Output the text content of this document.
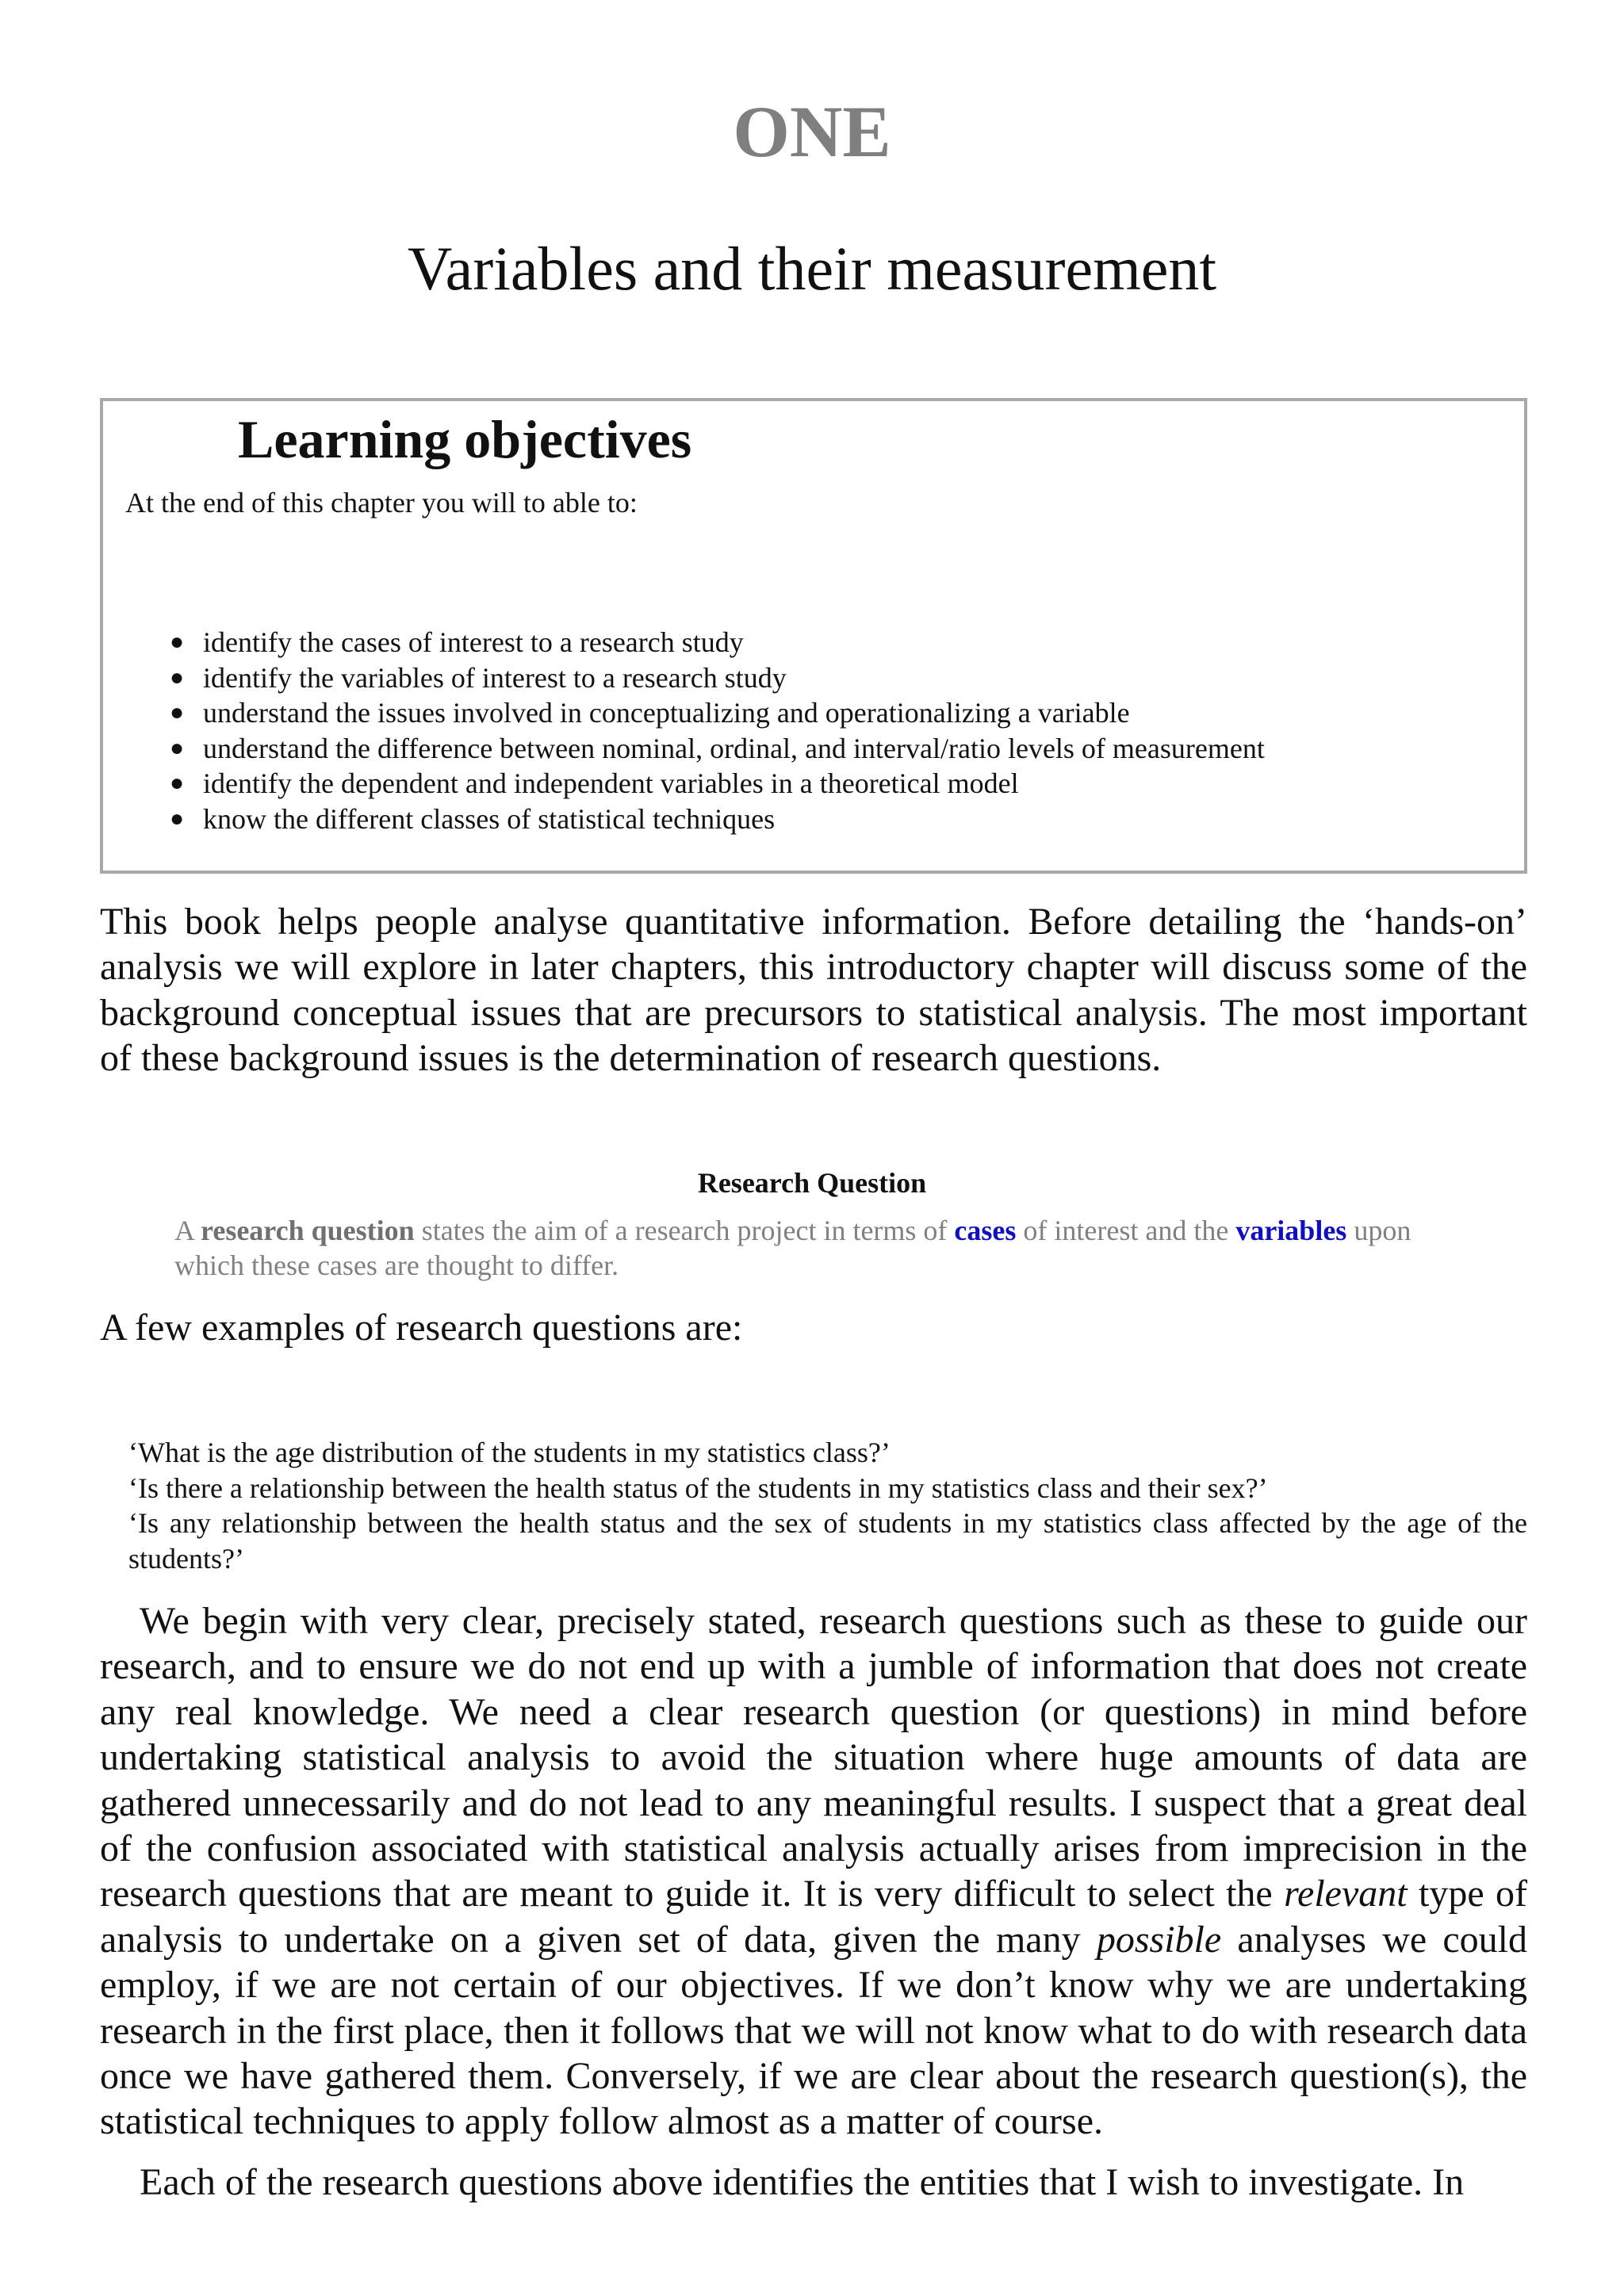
ONE
Variables and their measurement
Learning objectives
At the end of this chapter you will to able to:
● identify the cases of interest to a research study
● identify the variables of interest to a research study
● understand the issues involved in conceptualizing and operationalizing a variable
● understand the difference between nominal, ordinal, and interval/ratio levels of measurement
● identify the dependent and independent variables in a theoretical model
● know the different classes of statistical techniques

This book helps people analyse quantitative information. Before detailing the ‘hands-on’ analysis we will explore in later chapters, this introductory chapter will discuss some of the background conceptual issues that are precursors to statistical analysis. The most important of these background issues is the determination of research questions.

Research Question

A research question states the aim of a research project in terms of cases of interest and the variables upon which these cases are thought to differ.

A few examples of research questions are:
‘What is the age distribution of the students in my statistics class?’
‘Is there a relationship between the health status of the students in my statistics class and their sex?’
‘Is any relationship between the health status and the sex of students in my statistics class affected by the age of the students?’

We begin with very clear, precisely stated, research questions such as these to guide our research, and to ensure we do not end up with a jumble of information that does not create any real knowledge. We need a clear research question (or questions) in mind before undertaking statistical analysis to avoid the situation where huge amounts of data are gathered unnecessarily and do not lead to any meaningful results. I suspect that a great deal of the confusion associated with statistical analysis actually arises from imprecision in the research questions that are meant to guide it. It is very difficult to select the relevant type of analysis to undertake on a given set of data, given the many possible analyses we could employ, if we are not certain of our objectives. If we don’t know why we are undertaking research in the first place, then it follows that we will not know what to do with research data once we have gathered them. Conversely, if we are clear about the research question(s), the statistical techniques to apply follow almost as a matter of course.

Each of the research questions above identifies the entities that I wish to investigate. In
